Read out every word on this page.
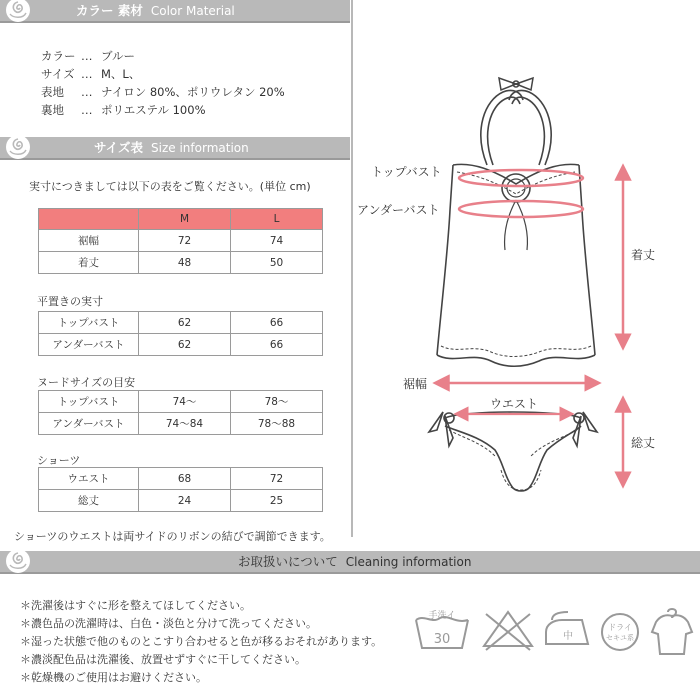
カラー 素材 Color Material
カラー … ブルー
サイズ … M、L、
表地 … ナイロン 80%、ポリウレタン 20%
裏地 … ポリエステル 100%
サイズ表 Size information
実寸につきましては以下の表をご覧ください。(単位 cm)
	M	L
裾幅	72	74
着丈	48	50
平置きの実寸
トップバスト	62	66
アンダーバスト	62	66
ヌードサイズの目安
トップバスト	74～	78～
アンダーバスト	74～84	78～88
ショーツ
ウエスト	68	72
総丈	24	25
ショーツのウエストは両サイドのリボンの結びで調節できます。
トップバスト
アンダーバスト
着丈
裾幅
ウエスト
総丈
お取扱いについて Cleaning information
＊洗濯後はすぐに形を整えてほしてください。
＊濃色品の洗濯時は、白色・淡色と分けて洗ってください。
＊湿った状態で他のものとこすり合わせると色が移るおそれがあります。
＊濃淡配色品は洗濯後、放置せずすぐに干してください。
＊乾燥機のご使用はお避けください。
手洗イ
30	中
ドライ
セキユ系
